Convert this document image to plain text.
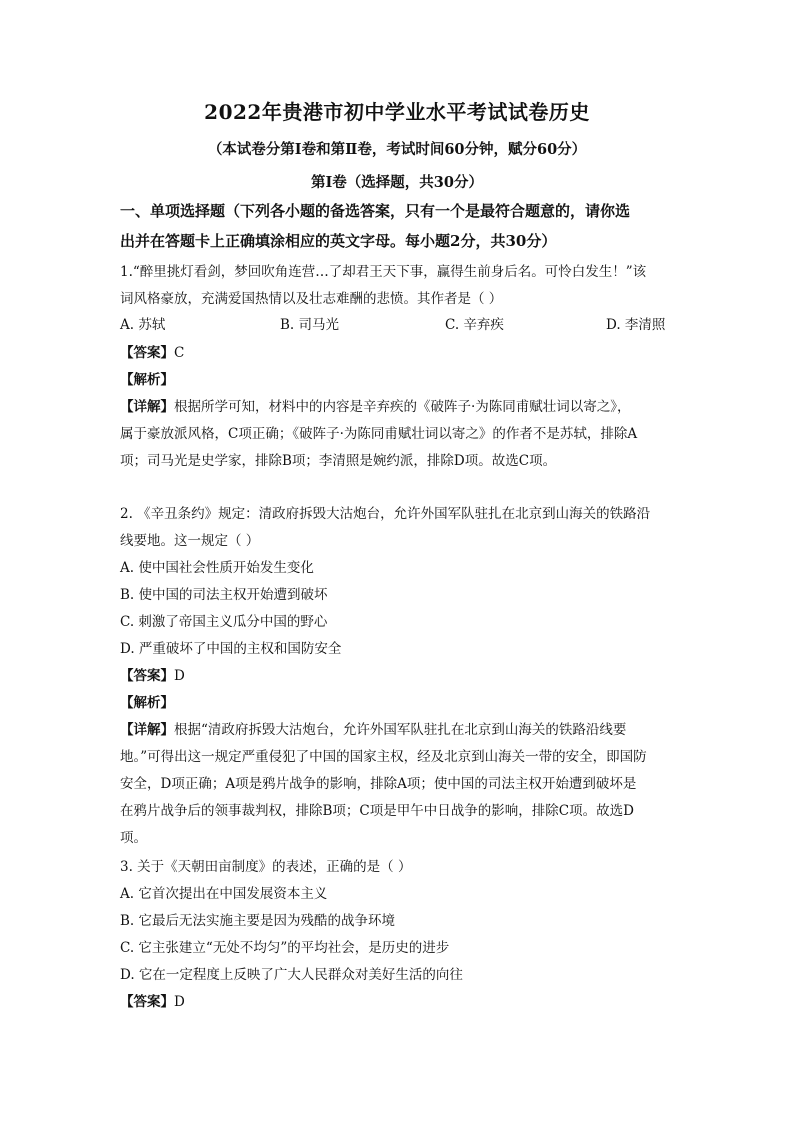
2022年贵港市初中学业水平考试试卷历史
（本试卷分第Ⅰ卷和第Ⅱ卷，考试时间60分钟，赋分60分）
第Ⅰ卷（选择题，共30分）
一、单项选择题（下列各小题的备选答案，只有一个是最符合题意的，请你选
出并在答题卡上正确填涂相应的英文字母。每小题2分，共30分）
1.“醉里挑灯看剑，梦回吹角连营…了却君王天下事，赢得生前身后名。可怜白发生！”该
词风格豪放，充满爱国热情以及壮志难酬的悲愤。其作者是（ ）
A. 苏轼	B. 司马光	C. 辛弃疾	D. 李清照
【答案】C
【解析】
【详解】根据所学可知，材料中的内容是辛弃疾的《破阵子·为陈同甫赋壮词以寄之》，
属于豪放派风格，C项正确；《破阵子·为陈同甫赋壮词以寄之》的作者不是苏轼，排除A
项；司马光是史学家，排除B项；李清照是婉约派，排除D项。故选C项。
2. 《辛丑条约》规定：清政府拆毁大沽炮台，允许外国军队驻扎在北京到山海关的铁路沿
线要地。这一规定（ ）
A. 使中国社会性质开始发生变化
B. 使中国的司法主权开始遭到破坏
C. 刺激了帝国主义瓜分中国的野心
D. 严重破坏了中国的主权和国防安全
【答案】D
【解析】
【详解】根据“清政府拆毁大沽炮台，允许外国军队驻扎在北京到山海关的铁路沿线要
地。”可得出这一规定严重侵犯了中国的国家主权，经及北京到山海关一带的安全，即国防
安全，D项正确；A项是鸦片战争的影响，排除A项；使中国的司法主权开始遭到破坏是
在鸦片战争后的领事裁判权，排除B项；C项是甲午中日战争的影响，排除C项。故选D
项。
3. 关于《天朝田亩制度》的表述，正确的是（ ）
A. 它首次提出在中国发展资本主义
B. 它最后无法实施主要是因为残酷的战争环境
C. 它主张建立“无处不均匀”的平均社会，是历史的进步
D. 它在一定程度上反映了广大人民群众对美好生活的向往
【答案】D
